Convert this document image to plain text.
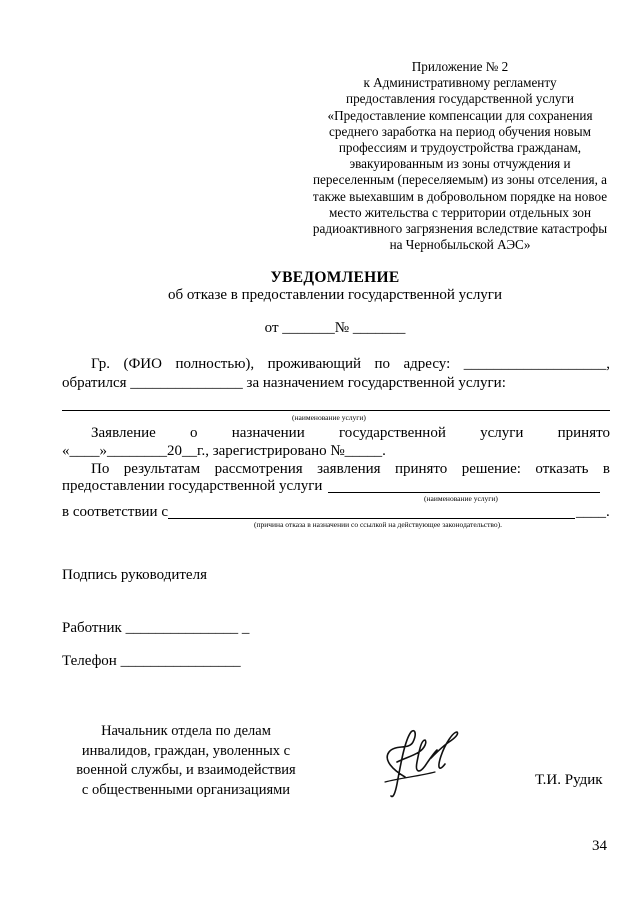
Приложение № 2
к Административному регламенту
предоставления государственной услуги
«Предоставление компенсации для сохранения
среднего заработка на период обучения новым
профессиям и трудоустройства гражданам,
эвакуированным из зоны отчуждения и
переселенным (переселяемым) из зоны отселения, а
также выехавшим в добровольном порядке на новое
место жительства с территории отдельных зон
радиоактивного загрязнения вследствие катастрофы
на Чернобыльской АЭС»
УВЕДОМЛЕНИЕ
об отказе в предоставлении государственной услуги
от _______№ _______
Гр. (ФИО полностью), проживающий по адресу: ___________________,
обратился _______________ за назначением государственной услуги:
(наименование услуги)
Заявление о назначении государственной услуги принято
«____»________20__г., зарегистрировано №_____.
По результатам рассмотрения заявления принято решение: отказать в
предоставлении государственной услуги
(наименование услуги)
в соответствии с	____.
(причина отказа в назначении со ссылкой на действующее законодательство).
Подпись руководителя
Работник _______________ _
Телефон ________________
Начальник отдела по делам
инвалидов, граждан, уволенных с
военной службы, и взаимодействия
с общественными организациями
Т.И. Рудик
34
